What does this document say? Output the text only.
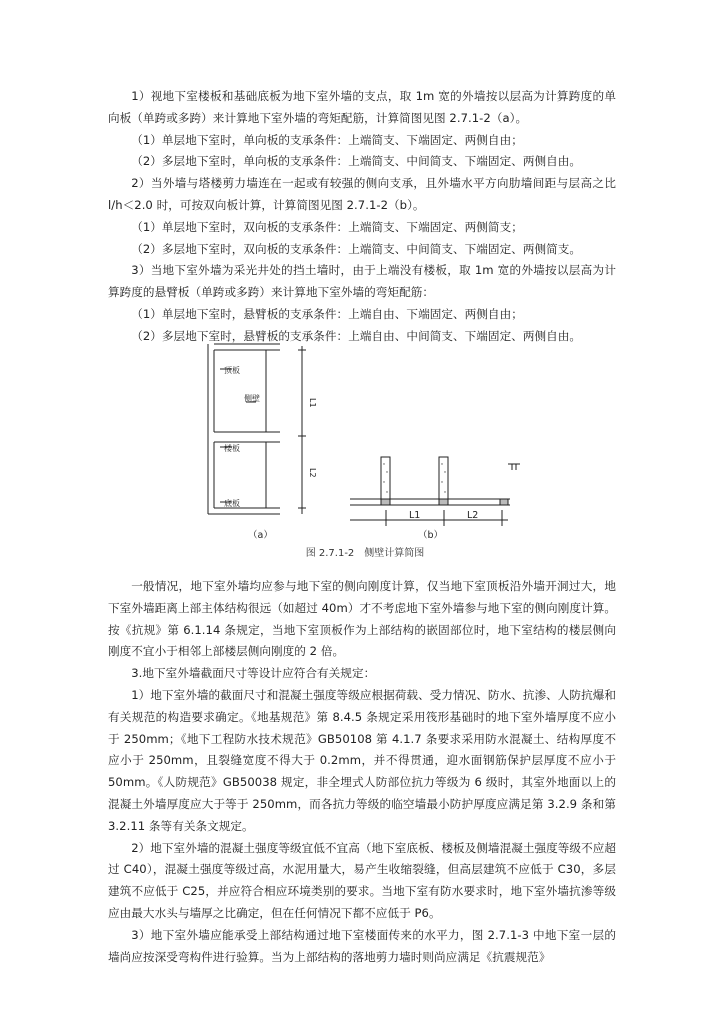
1）视地下室楼板和基础底板为地下室外墙的支点，取 1m 宽的外墙按以层高为计算跨度的单向板（单跨或多跨）来计算地下室外墙的弯矩配筋，计算简图见图 2.7.1-2（a）。

（1）单层地下室时，单向板的支承条件：上端简支、下端固定、两侧自由；

（2）多层地下室时，单向板的支承条件：上端简支、中间简支、下端固定、两侧自由。

2）当外墙与塔楼剪力墙连在一起或有较强的侧向支承，且外墙水平方向肋墙间距与层高之比 l/h＜2.0 时，可按双向板计算，计算简图见图 2.7.1-2（b）。

（1）单层地下室时，双向板的支承条件：上端简支、下端固定、两侧简支；

（2）多层地下室时，双向板的支承条件：上端简支、中间简支、下端固定、两侧简支。

3）当地下室外墙为采光井处的挡土墙时，由于上端没有楼板，取 1m 宽的外墙按以层高为计算跨度的悬臂板（单跨或多跨）来计算地下室外墙的弯矩配筋：

（1）单层地下室时，悬臂板的支承条件：上端自由、下端固定、两侧自由；

（2）多层地下室时，悬臂板的支承条件：上端自由、中间简支、下端固定、两侧自由。

顶板
侧壁
楼板
底板
L1
L2
L1	L2
（a）	（b）
图 2.7.1-2　侧壁计算简图

一般情况，地下室外墙均应参与地下室的侧向刚度计算，仅当地下室顶板沿外墙开洞过大，地下室外墙距离上部主体结构很远（如超过 40m）才不考虑地下室外墙参与地下室的侧向刚度计算。按《抗规》第 6.1.14 条规定，当地下室顶板作为上部结构的嵌固部位时，地下室结构的楼层侧向刚度不宜小于相邻上部楼层侧向刚度的 2 倍。

3.地下室外墙截面尺寸等设计应符合有关规定：

1）地下室外墙的截面尺寸和混凝土强度等级应根据荷载、受力情况、防水、抗渗、人防抗爆和有关规范的构造要求确定。《地基规范》第 8.4.5 条规定采用筏形基础时的地下室外墙厚度不应小于 250mm；《地下工程防水技术规范》GB50108 第 4.1.7 条要求采用防水混凝土、结构厚度不应小于 250mm，且裂缝宽度不得大于 0.2mm，并不得贯通，迎水面钢筋保护层厚度不应小于 50mm。《人防规范》GB50038 规定，非全埋式人防部位抗力等级为 6 级时，其室外地面以上的混凝土外墙厚度应大于等于 250mm，而各抗力等级的临空墙最小防护厚度应满足第 3.2.9 条和第 3.2.11 条等有关条文规定。

2）地下室外墙的混凝土强度等级宜低不宜高（地下室底板、楼板及侧墙混凝土强度等级不应超过 C40），混凝土强度等级过高，水泥用量大，易产生收缩裂缝，但高层建筑不应低于 C30，多层建筑不应低于 C25，并应符合相应环境类别的要求。当地下室有防水要求时，地下室外墙抗渗等级应由最大水头与墙厚之比确定，但在任何情况下都不应低于 P6。

3）地下室外墙应能承受上部结构通过地下室楼面传来的水平力，图 2.7.1-3 中地下室一层的墙尚应按深受弯构件进行验算。当为上部结构的落地剪力墙时则尚应满足《抗震规范》
